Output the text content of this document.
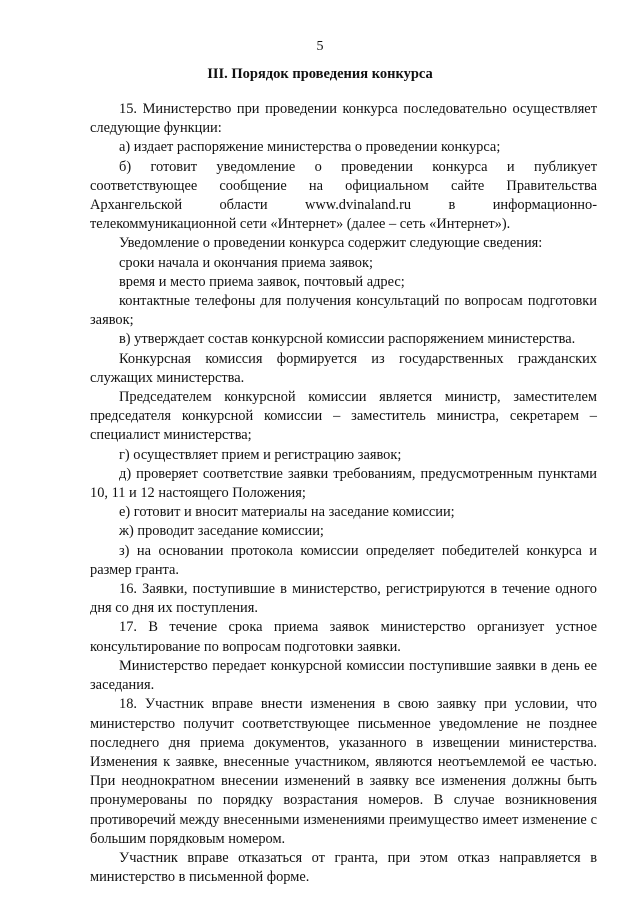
5
III. Порядок проведения конкурса

15. Министерство при проведении конкурса последовательно осуществляет следующие функции:

а) издает распоряжение министерства о проведении конкурса;

б) готовит уведомление о проведении конкурса и публикует соответствующее сообщение на официальном сайте Правительства Архангельской области www.dvinaland.ru в информационно-телекоммуникационной сети «Интернет» (далее – сеть «Интернет»).

Уведомление о проведении конкурса содержит следующие сведения:

сроки начала и окончания приема заявок;

время и место приема заявок, почтовый адрес;

контактные телефоны для получения консультаций по вопросам подготовки заявок;

в) утверждает состав конкурсной комиссии распоряжением министерства.

Конкурсная комиссия формируется из государственных гражданских служащих министерства.

Председателем конкурсной комиссии является министр, заместителем председателя конкурсной комиссии – заместитель министра, секретарем – специалист министерства;

г) осуществляет прием и регистрацию заявок;

д) проверяет соответствие заявки требованиям, предусмотренным пунктами 10, 11 и 12 настоящего Положения;

е) готовит и вносит материалы на заседание комиссии;

ж) проводит заседание комиссии;

з) на основании протокола комиссии определяет победителей конкурса и размер гранта.

16. Заявки, поступившие в министерство, регистрируются в течение одного дня со дня их поступления.

17. В течение срока приема заявок министерство организует устное консультирование по вопросам подготовки заявки.

Министерство передает конкурсной комиссии поступившие заявки в день ее заседания.

18. Участник вправе внести изменения в свою заявку при условии, что министерство получит соответствующее письменное уведомление не позднее последнего дня приема документов, указанного в извещении министерства. Изменения к заявке, внесенные участником, являются неотъемлемой ее частью. При неоднократном внесении изменений в заявку все изменения должны быть пронумерованы по порядку возрастания номеров. В случае возникновения противоречий между внесенными изменениями преимущество имеет изменение с большим порядковым номером.

Участник вправе отказаться от гранта, при этом отказ направляется в министерство в письменной форме.
